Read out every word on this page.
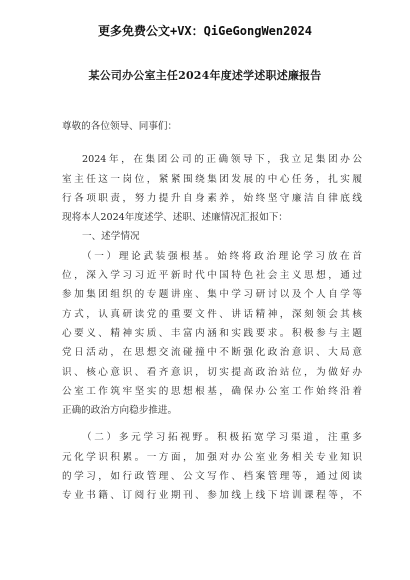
更多免费公文+VX：QiGeGongWen2024
某公司办公室主任2024年度述学述职述廉报告
尊敬的各位领导、同事们：
2024年，在集团公司的正确领导下，我立足集团办公
室主任这一岗位，紧紧围绕集团发展的中心任务，扎实履
行各项职责，努力提升自身素养，始终坚守廉洁自律底线
现将本人2024年度述学、述职、述廉情况汇报如下：
一、述学情况
（一）理论武装强根基。始终将政治理论学习放在首
位，深入学习习近平新时代中国特色社会主义思想，通过
参加集团组织的专题讲座、集中学习研讨以及个人自学等
方式，认真研读党的重要文件、讲话精神，深刻领会其核
心要义、精神实质、丰富内涵和实践要求。积极参与主题
党日活动，在思想交流碰撞中不断强化政治意识、大局意
识、核心意识、看齐意识，切实提高政治站位，为做好办
公室工作筑牢坚实的思想根基，确保办公室工作始终沿着
正确的政治方向稳步推进。
（二）多元学习拓视野。积极拓宽学习渠道，注重多
元化学识积累。一方面，加强对办公室业务相关专业知识
的学习，如行政管理、公文写作、档案管理等，通过阅读
专业书籍、订阅行业期刊、参加线上线下培训课程等，不
